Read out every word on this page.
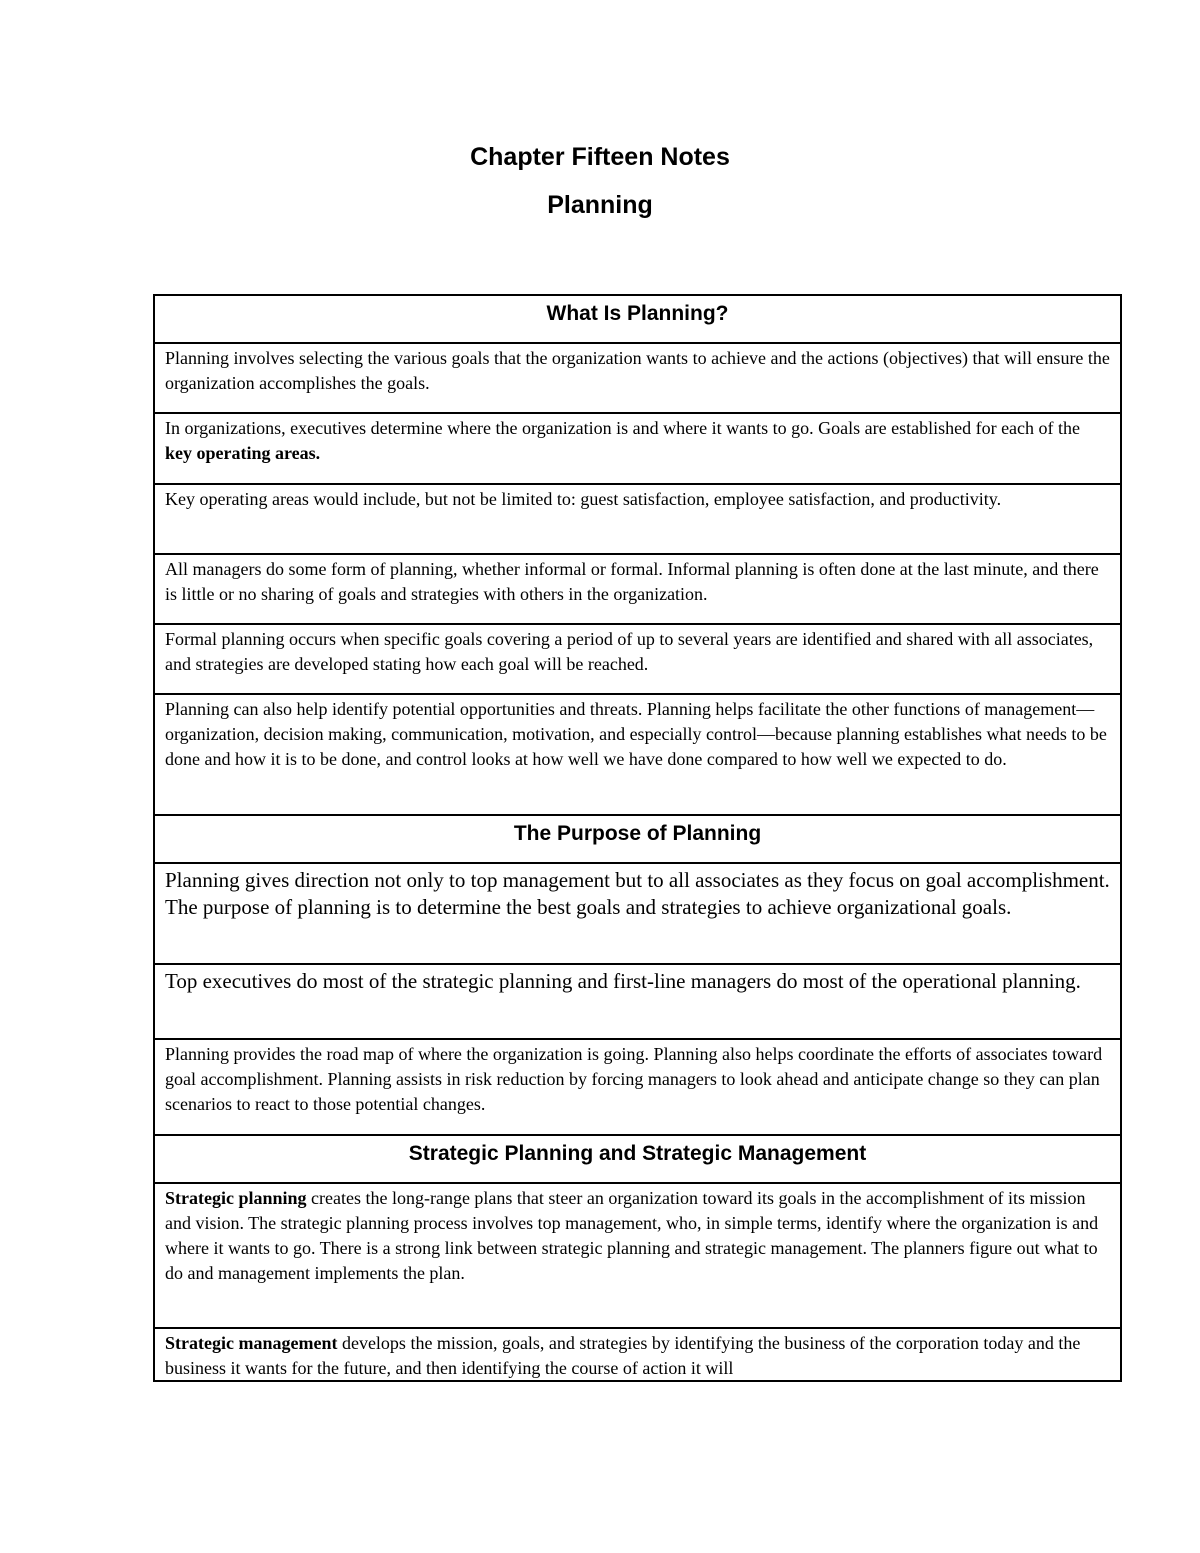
Chapter Fifteen Notes
Planning
What Is Planning?
Planning involves selecting the various goals that the organization wants to achieve and the actions (objectives) that will ensure the organization accomplishes the goals.
In organizations, executives determine where the organization is and where it wants to go. Goals are established for each of the key operating areas.
Key operating areas would include, but not be limited to: guest satisfaction, employee satisfaction, and productivity.
All managers do some form of planning, whether informal or formal. Informal planning is often done at the last minute, and there is little or no sharing of goals and strategies with others in the organization.
Formal planning occurs when specific goals covering a period of up to several years are identified and shared with all associates, and strategies are developed stating how each goal will be reached.
Planning can also help identify potential opportunities and threats. Planning helps facilitate the other functions of management—organization, decision making, communication, motivation, and especially control—because planning establishes what needs to be done and how it is to be done, and control looks at how well we have done compared to how well we expected to do.
The Purpose of Planning
Planning gives direction not only to top management but to all associates as they focus on goal accomplishment. The purpose of planning is to determine the best goals and strategies to achieve organizational goals.
Top executives do most of the strategic planning and first-line managers do most of the operational planning.
Planning provides the road map of where the organization is going. Planning also helps coordinate the efforts of associates toward goal accomplishment. Planning assists in risk reduction by forcing managers to look ahead and anticipate change so they can plan scenarios to react to those potential changes.
Strategic Planning and Strategic Management
Strategic planning creates the long-range plans that steer an organization toward its goals in the accomplishment of its mission and vision. The strategic planning process involves top management, who, in simple terms, identify where the organization is and where it wants to go. There is a strong link between strategic planning and strategic management. The planners figure out what to do and management implements the plan.
Strategic management develops the mission, goals, and strategies by identifying the business of the corporation today and the business it wants for the future, and then identifying the course of action it will
